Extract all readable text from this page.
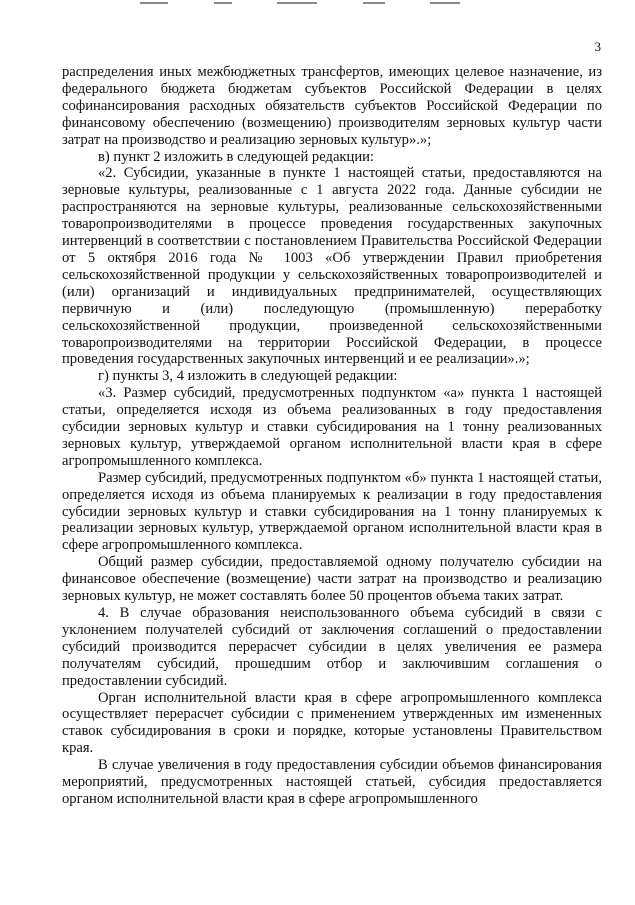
3

распределения иных межбюджетных трансфертов, имеющих целевое назначение, из федерального бюджета бюджетам субъектов Российской Федерации в целях софинансирования расходных обязательств субъектов Российской Федерации по финансовому обеспечению (возмещению) производителям зерновых культур части затрат на производство и реализацию зерновых культур».»;

в) пункт 2 изложить в следующей редакции:

«2. Субсидии, указанные в пункте 1 настоящей статьи, предоставляются на зерновые культуры, реализованные с 1 августа 2022 года. Данные субсидии не распространяются на зерновые культуры, реализованные сельскохозяйственными товаропроизводителями в процессе проведения государственных закупочных интервенций в соответствии с постановлением Правительства Российской Федерации от 5 октября 2016 года № 1003 «Об утверждении Правил приобретения сельскохозяйственной продукции у сельскохозяйственных товаропроизводителей и (или) организаций и индивидуальных предпринимателей, осуществляющих первичную и (или) последующую (промышленную) переработку сельскохозяйственной продукции, произведенной сельскохозяйственными товаропроизводителями на территории Российской Федерации, в процессе проведения государственных закупочных интервенций и ее реализации».»;

г) пункты 3, 4 изложить в следующей редакции:

«3. Размер субсидий, предусмотренных подпунктом «а» пункта 1 настоящей статьи, определяется исходя из объема реализованных в году предоставления субсидии зерновых культур и ставки субсидирования на 1 тонну реализованных зерновых культур, утверждаемой органом исполнительной власти края в сфере агропромышленного комплекса.

Размер субсидий, предусмотренных подпунктом «б» пункта 1 настоящей статьи, определяется исходя из объема планируемых к реализации в году предоставления субсидии зерновых культур и ставки субсидирования на 1 тонну планируемых к реализации зерновых культур, утверждаемой органом исполнительной власти края в сфере агропромышленного комплекса.

Общий размер субсидии, предоставляемой одному получателю субсидии на финансовое обеспечение (возмещение) части затрат на производство и реализацию зерновых культур, не может составлять более 50 процентов объема таких затрат.

4. В случае образования неиспользованного объема субсидий в связи с уклонением получателей субсидий от заключения соглашений о предоставлении субсидий производится перерасчет субсидии в целях увеличения ее размера получателям субсидий, прошедшим отбор и заключившим соглашения о предоставлении субсидий.

Орган исполнительной власти края в сфере агропромышленного комплекса осуществляет перерасчет субсидии с применением утвержденных им измененных ставок субсидирования в сроки и порядке, которые установлены Правительством края.

В случае увеличения в году предоставления субсидии объемов финансирования мероприятий, предусмотренных настоящей статьей, субсидия предоставляется органом исполнительной власти края в сфере агропромышленного
